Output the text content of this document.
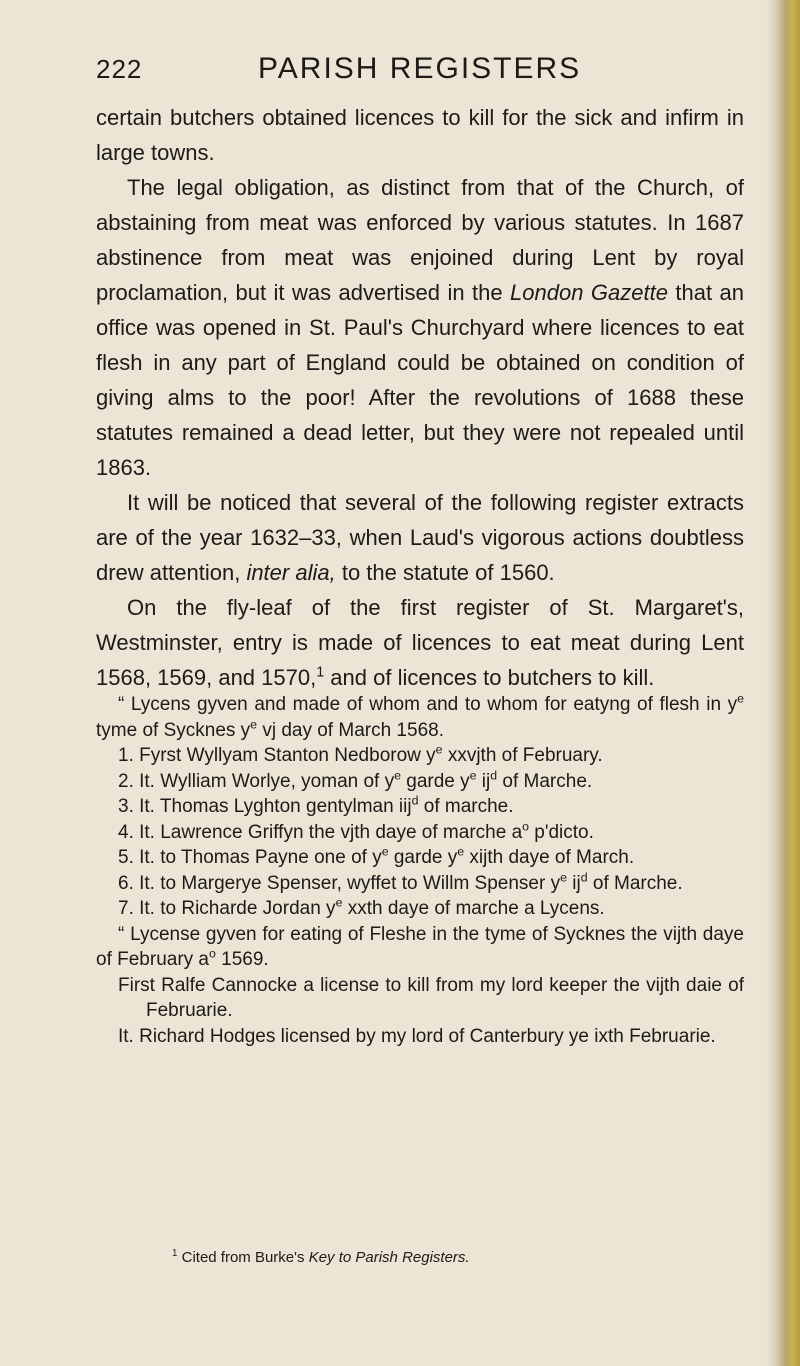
222	PARISH REGISTERS

certain butchers obtained licences to kill for the sick and infirm in large towns.

The legal obligation, as distinct from that of the Church, of abstaining from meat was enforced by various statutes. In 1687 abstinence from meat was enjoined during Lent by royal proclamation, but it was advertised in the London Gazette that an office was opened in St. Paul's Churchyard where licences to eat flesh in any part of England could be obtained on condition of giving alms to the poor! After the revolutions of 1688 these statutes remained a dead letter, but they were not repealed until 1863.

It will be noticed that several of the following register extracts are of the year 1632–33, when Laud's vigorous actions doubtless drew attention, inter alia, to the statute of 1560.

On the fly-leaf of the first register of St. Margaret's, Westminster, entry is made of licences to eat meat during Lent 1568, 1569, and 1570,$^1$ and of licences to butchers to kill.

“ Lycens gyven and made of whom and to whom for eatyng of flesh in $y^e$ tyme of Sycknes $y^e$ vj day of March 1568.

1. Fyrst Wyllyam Stanton Nedborow $y^e$ xxvjth of February.

2. It. Wylliam Worlye, yoman of $y^e$ garde $y^e$ $ij^d$ of Marche.

3. It. Thomas Lyghton gentylman iij$^d$ of marche.

4. It. Lawrence Griffyn the vjth daye of marche $a^o$ p'dicto.

5. It. to Thomas Payne one of $y^e$ garde $y^e$ xijth daye of March.

6. It. to Margerye Spenser, wyffet to Willm Spenser $y^e$ $ij^d$ of Marche.

7. It. to Richarde Jordan $y^e$ xxth daye of marche a Lycens.

“ Lycense gyven for eating of Fleshe in the tyme of Sycknes the vijth daye of February $a^o$ 1569.

First Ralfe Cannocke a license to kill from my lord keeper the vijth daie of Februarie.

It. Richard Hodges licensed by my lord of Canterbury ye ixth Februarie.

$^1$ Cited from Burke's Key to Parish Registers.
